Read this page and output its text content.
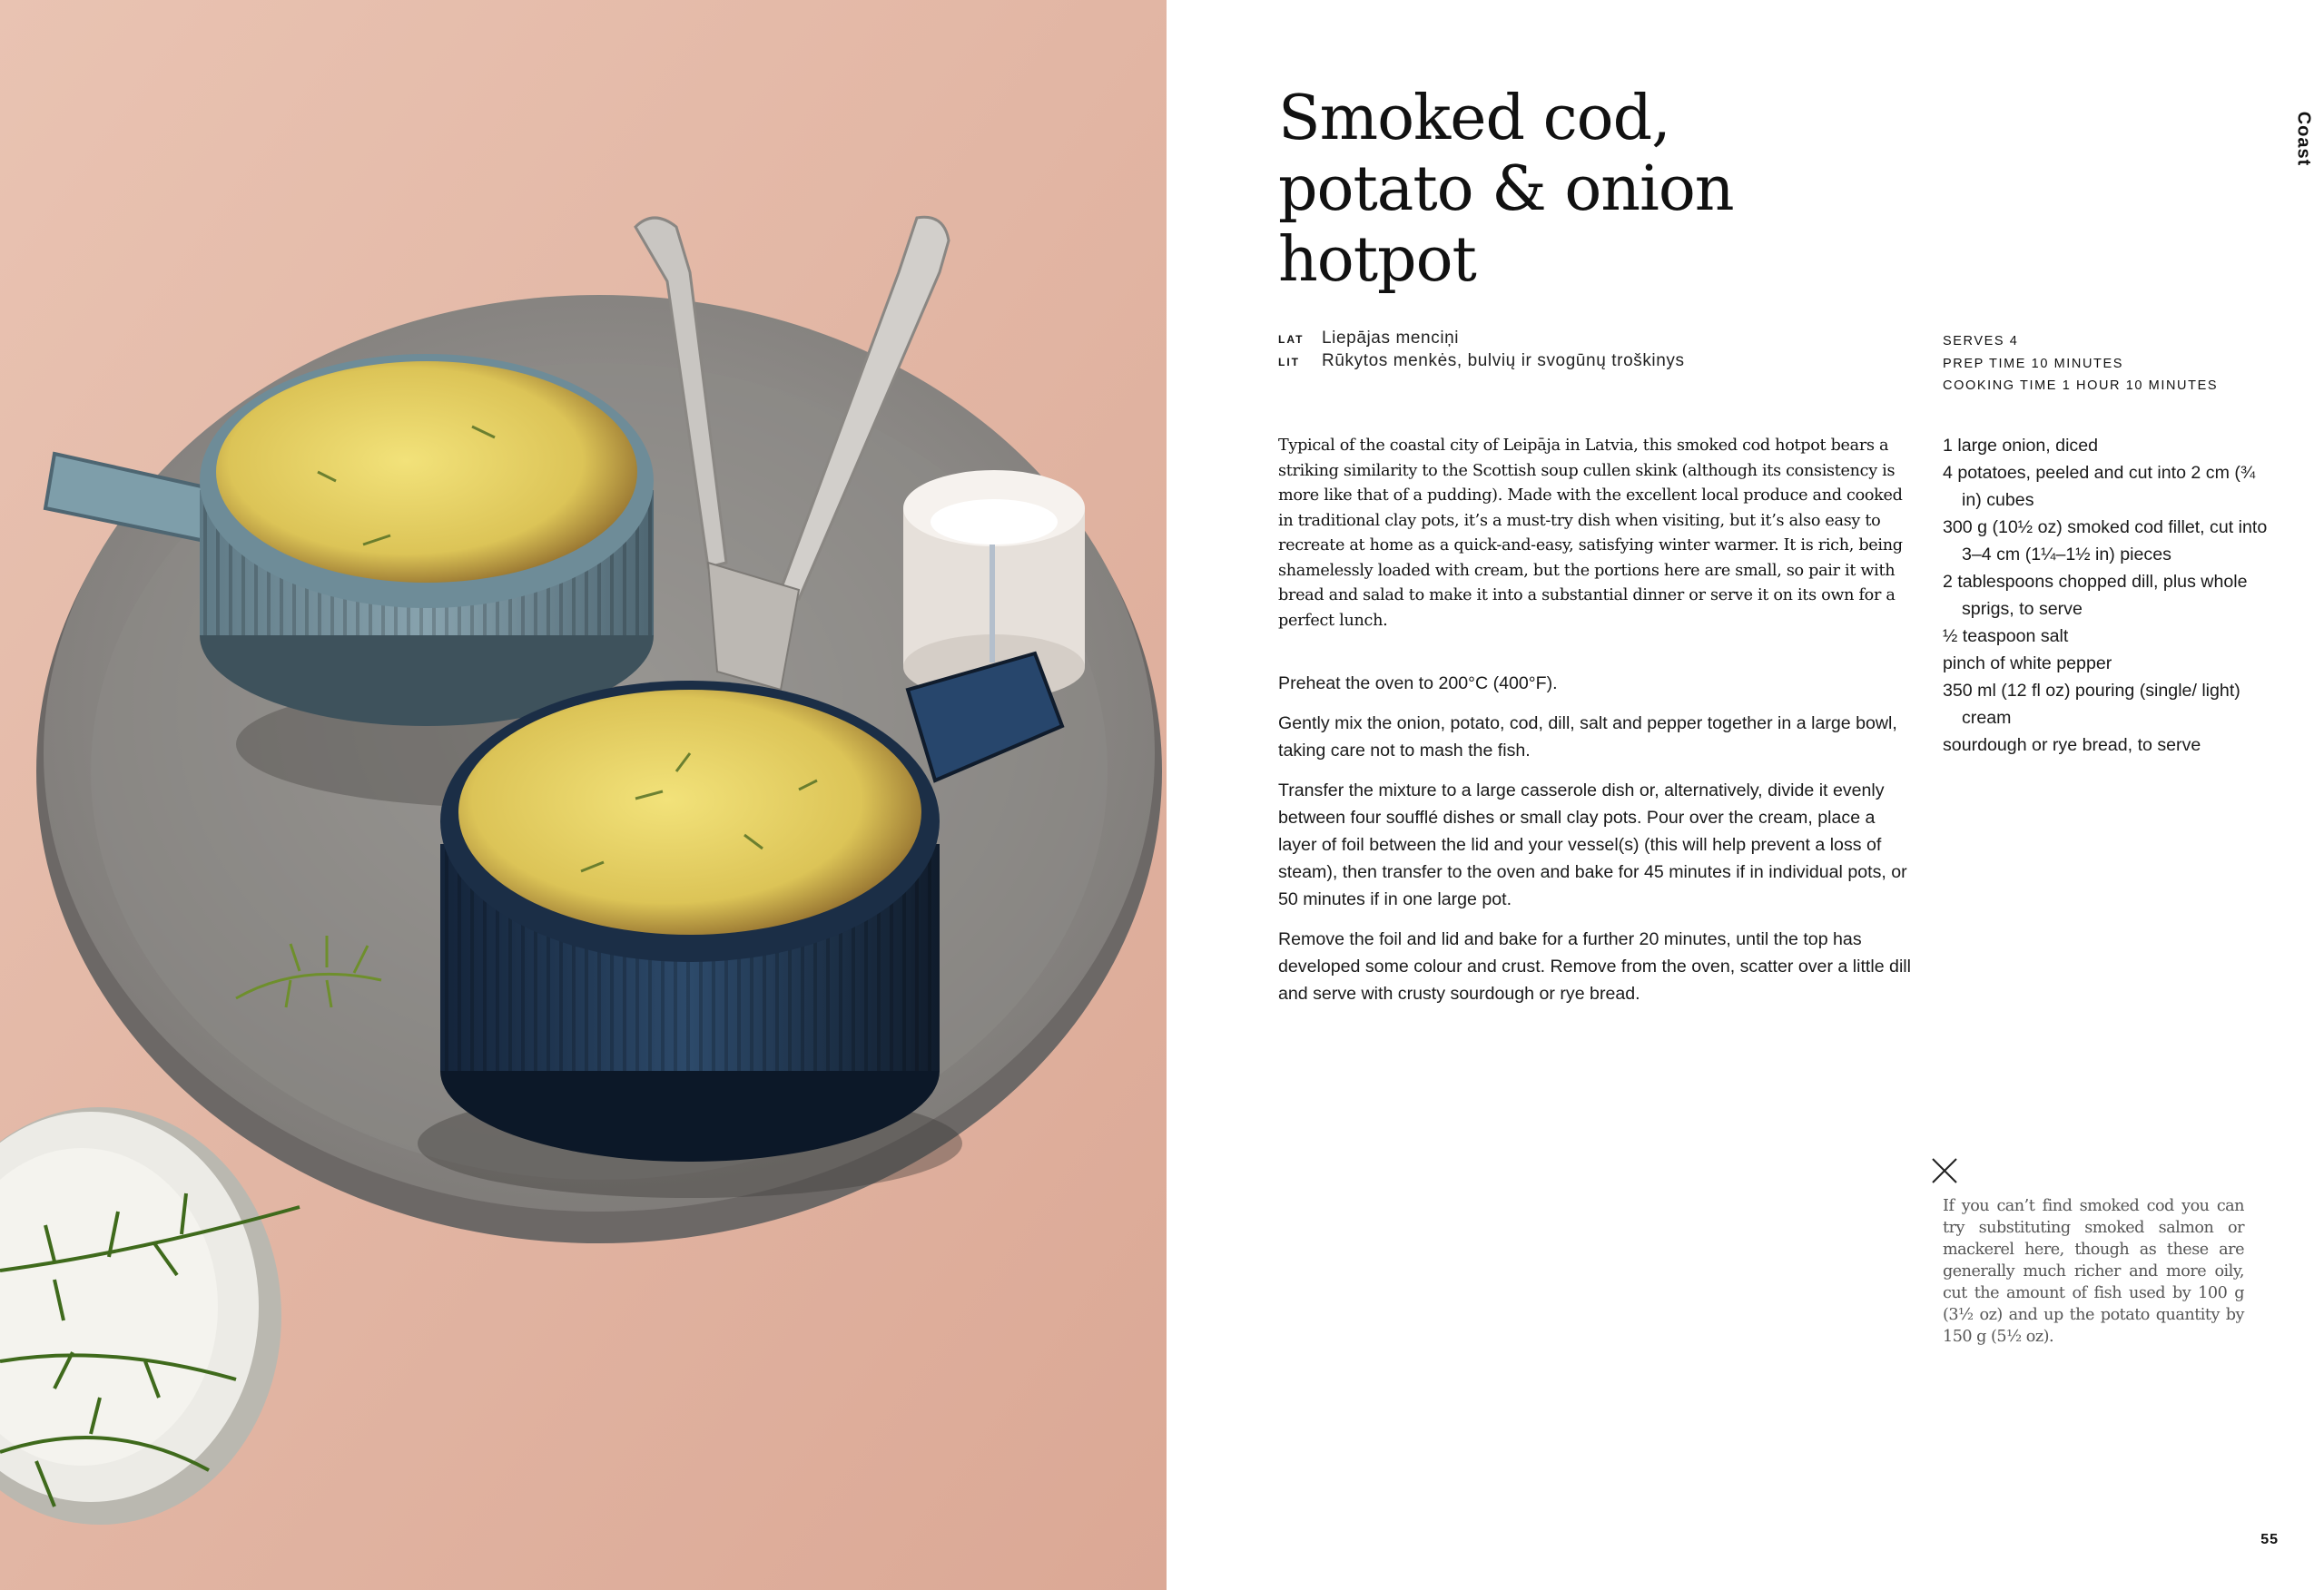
Smoked cod,
potato & onion
hotpot
LAT	Liepājas menciņi
LIT	Rūkytos menkės, bulvių ir svogūnų troškinys
SERVES 4
PREP TIME 10 MINUTES
COOKING TIME 1 HOUR 10 MINUTES

Typical of the coastal city of Leipāja in Latvia, this smoked cod hotpot bears a striking similarity to the Scottish soup cullen skink (although its consistency is more like that of a pudding). Made with the excellent local produce and cooked in traditional clay pots, it’s a must-try dish when visiting, but it’s also easy to recreate at home as a quick-and-easy, satisfying winter warmer. It is rich, being shamelessly loaded with cream, but the portions here are small, so pair it with bread and salad to make it into a substantial dinner or serve it on its own for a perfect lunch.

1 large onion, diced
4 potatoes, peeled and cut into 2 cm (¾ in) cubes
300 g (10½ oz) smoked cod fillet, cut into 3–4 cm (1¼–1½ in) pieces
2 tablespoons chopped dill, plus whole sprigs, to serve
½ teaspoon salt
pinch of white pepper
350 ml (12 fl oz) pouring (single/ light) cream
sourdough or rye bread, to serve

Preheat the oven to 200°C (400°F).

Gently mix the onion, potato, cod, dill, salt and pepper together in a large bowl, taking care not to mash the fish.

Transfer the mixture to a large casserole dish or, alternatively, divide it evenly between four soufflé dishes or small clay pots. Pour over the cream, place a layer of foil between the lid and your vessel(s) (this will help prevent a loss of steam), then transfer to the oven and bake for 45 minutes if in individual pots, or 50 minutes if in one large pot.

Remove the foil and lid and bake for a further 20 minutes, until the top has developed some colour and crust. Remove from the oven, scatter over a little dill and serve with crusty sourdough or rye bread.

If you can’t find smoked cod you can try substituting smoked salmon or mackerel here, though as these are generally much richer and more oily, cut the amount of fish used by 100 g (3½ oz) and up the potato quantity by 150 g (5½ oz).

Coast
55
